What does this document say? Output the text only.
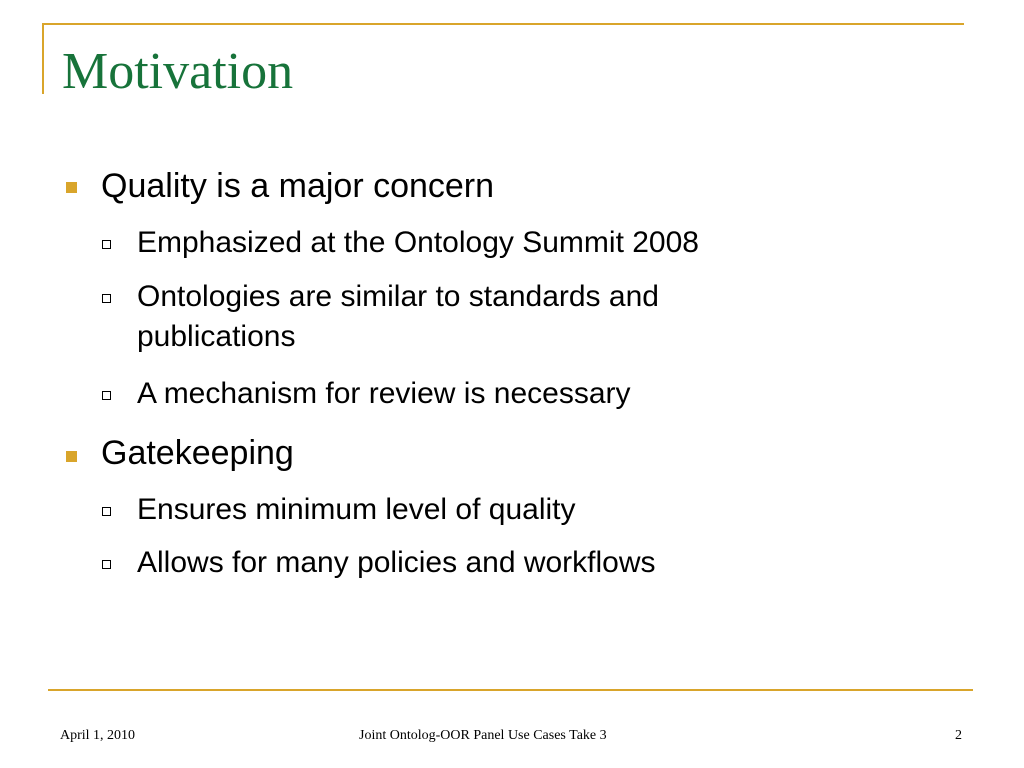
Motivation
Quality is a major concern
Emphasized at the Ontology Summit 2008
Ontologies are similar to standards and publications
A mechanism for review is necessary
Gatekeeping
Ensures minimum level of quality
Allows for many policies and workflows
April 1, 2010	Joint Ontolog-OOR Panel Use Cases Take 3	2
